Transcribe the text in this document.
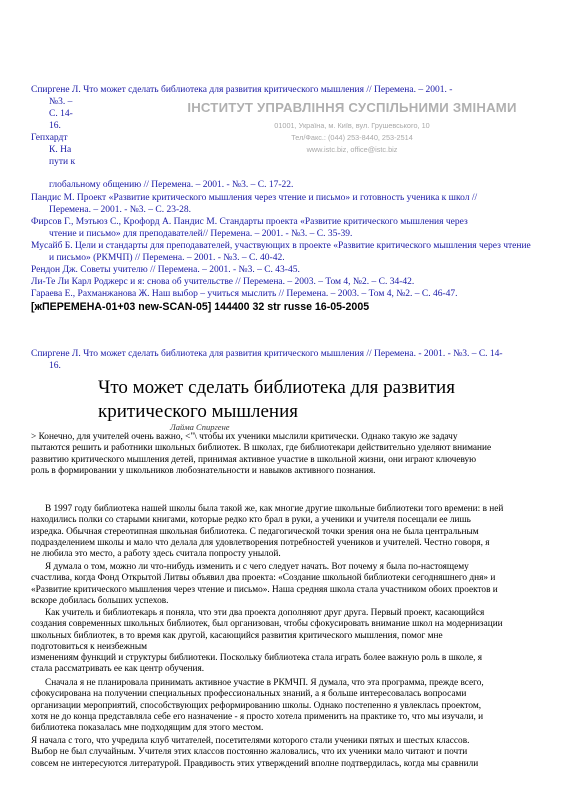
Спиргене Л. Что может сделать библиотека для развития критического мышления // Перемена. – 2001. -
№3. –
С. 14-
16.
Гепхардт
К. На
пути к
глобальному общению // Перемена. – 2001. - №3. – С. 17-22.
ІНСТИТУТ УПРАВЛІННЯ СУСПІЛЬНИМИ ЗМІНАМИ
01001, Україна, м. Київ, вул. Грушевського, 10
Тел/Факс.: (044) 253-8440, 253-2514
www.istc.biz, office@istc.biz
Пандис М. Проект «Развитие критического мышления через чтение и письмо» и готовность ученика к школ //
Перемена. – 2001. - №3. – С. 23-28.
Фирсов Г., Мэтьюз С., Крофорд А. Пандис М. Стандарты проекта «Развитие критического мышления через
чтение и письмо» для преподавателей// Перемена. – 2001. - №3. – С. 35-39.
Мусайб Б. Цели и стандарты для преподавателей, участвующих в проекте «Развитие критического мышления через чтение
и письмо» (РКМЧП) // Перемена. – 2001. - №3. – С. 40-42.
Рендон Дж. Советы учителю // Перемена. – 2001. - №3. – С. 43-45.
Ли-Те Ли Карл Роджерс и я: снова об учительстве // Перемена. – 2003. – Том 4, №2. – С. 34-42.
Гараева Е., Рахманжанова Ж. Наш выбор – учиться мыслить // Перемена. – 2003. – Том 4, №2. – С. 46-47.
[жПЕРЕМЕНА-01+03 new-SCAN-05] 144400 32 str russe 16-05-2005
Спиргене Л. Что может сделать библиотека для развития критического мышления // Перемена. - 2001. - №3. – С. 14-
16.
Что может сделать библиотека для развития
критического мышления
Лайма Спиргене

> Конечно, для учителей очень важно, <"\ чтобы их ученики мыслили критически. Однако такую же задачу

пытаются решить и работники школьных библиотек. В школах, где библиотекари действительно уделяют внимание

развитию критического мышления детей, принимая активное участие в школьной жизни, они играют ключевую

роль в формировании у школьников любознательности и навыков активного познания.

В 1997 году библиотека нашей школы была такой же, как многие другие школьные библиотеки того времени: в ней

находились полки со старыми книгами, которые редко кто брал в руки, а ученики и учителя посещали ее лишь

изредка. Обычная стереотипная школьная библиотека. С педагогической точки зрения она не была центральным

подразделением школы и мало что делала для удовлетворения потребностей учеников и учителей. Честно говоря, я

не любила это место, а работу здесь считала попросту унылой.

Я думала о том, можно ли что-нибудь изменить и с чего следует начать. Вот почему я была по-настоящему

счастлива, когда Фонд Открытой Литвы объявил два проекта: «Создание школьной библиотеки сегодняшнего дня» и

«Развитие критического мышления через чтение и письмо». Наша средняя школа стала участником обоих проектов и

вскоре добилась больших успехов.

Как учитель и библиотекарь я поняла, что эти два проекта дополняют друг друга. Первый проект, касающийся

создания современных школьных библиотек, был организован, чтобы сфокусировать внимание школ на модернизации

школьных библиотек, в то время как другой, касающийся развития критического мышления, помог мне

подготовиться к неизбежным

изменениям функций и структуры библиотеки. Поскольку библиотека стала играть более важную роль в школе, я

стала рассматривать ее как центр обучения.

Сначала я не планировала принимать активное участие в РКМЧП. Я думала, что эта программа, прежде всего,

сфокусирована на получении специальных профессиональных знаний, а я больше интересовалась вопросами

организации мероприятий, способствующих реформированию школы. Однако постепенно я увлеклась проектом,

хотя не до конца представляла себе его назначение - я просто хотела применить на практике то, что мы изучали, и

библиотека показалась мне подходящим для этого местом.

Я начала с того, что учредила клуб читателей, посетителями которого стали ученики пятых и шестых классов.

Выбор не был случайным. Учителя этих классов постоянно жаловались, что их ученики мало читают и почти

совсем не интересуются литературой. Правдивость этих утверждений вполне подтвердилась, когда мы сравнили
